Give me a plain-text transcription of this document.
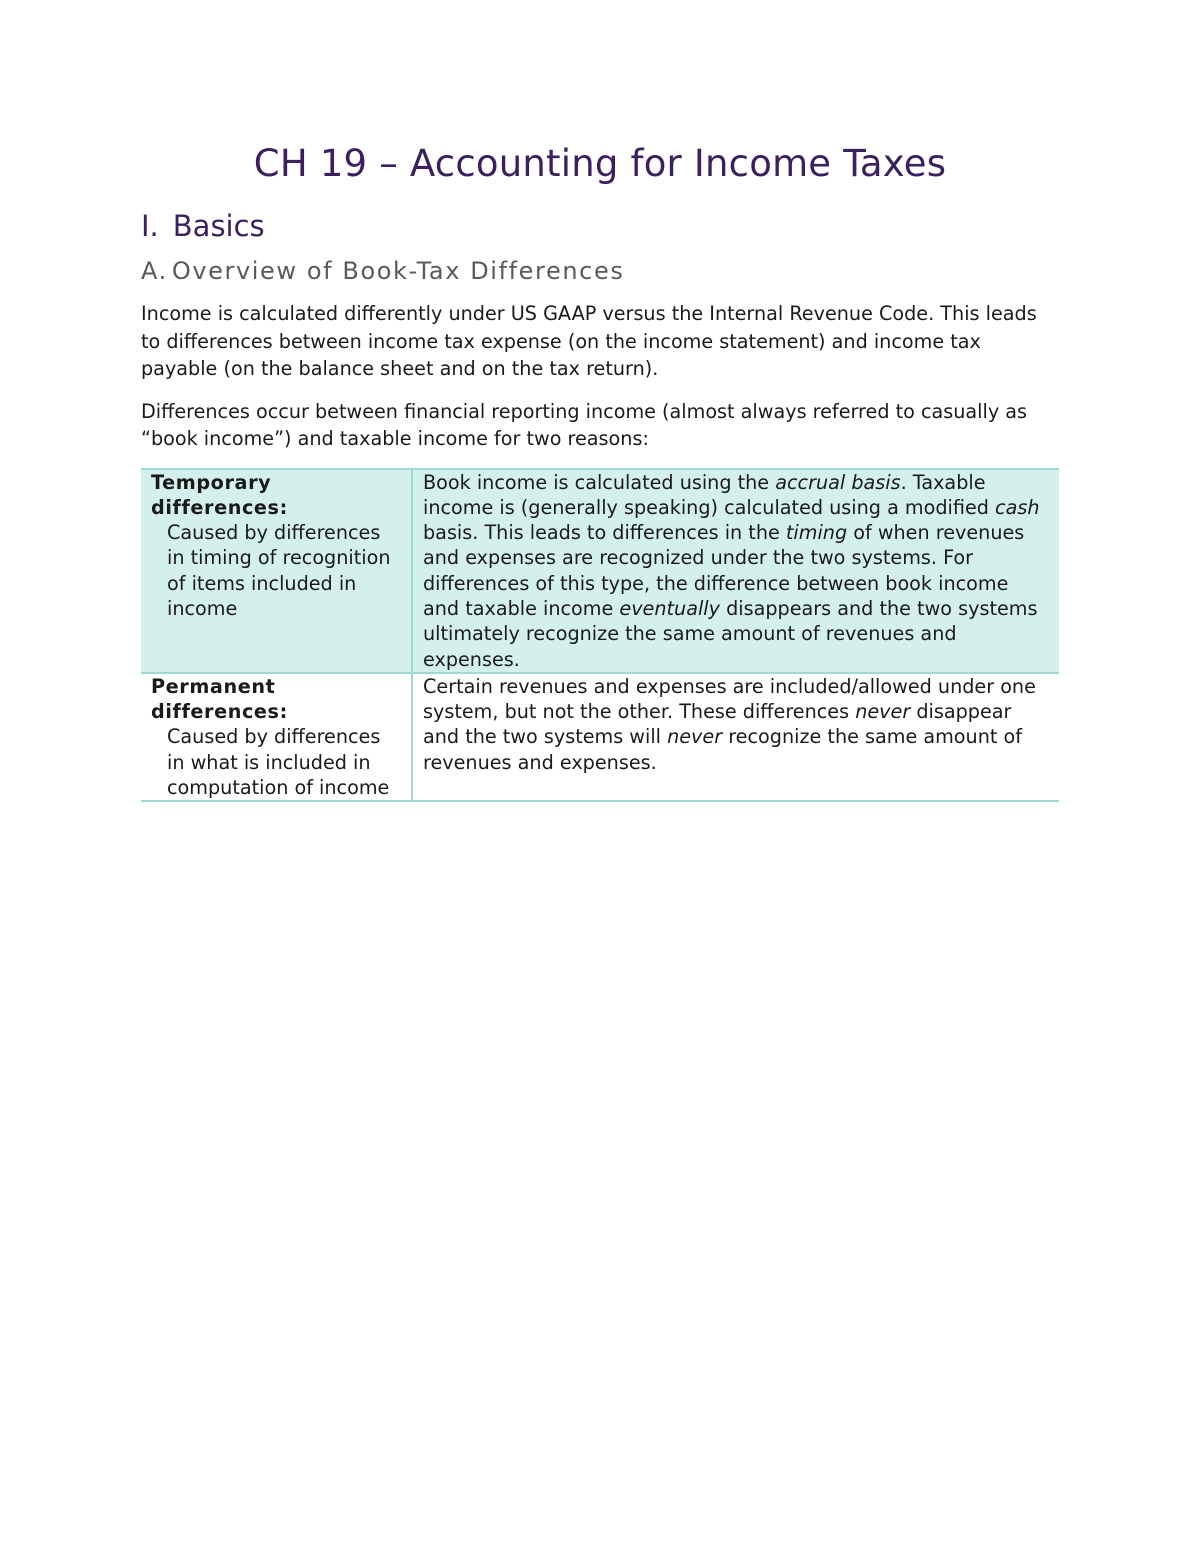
CH 19 – Accounting for Income Taxes
I. Basics
A. Overview of Book-Tax Differences

Income is calculated differently under US GAAP versus the Internal Revenue Code. This leads to differences between income tax expense (on the income statement) and income tax payable (on the balance sheet and on the tax return).

Differences occur between financial reporting income (almost always referred to casually as “book income”) and taxable income for two reasons:

Temporary differences:
Caused by differences in timing of recognition of items included in income	Book income is calculated using the accrual basis. Taxable income is (generally speaking) calculated using a modified cash basis. This leads to differences in the timing of when revenues and expenses are recognized under the two systems. For differences of this type, the difference between book income and taxable income eventually disappears and the two systems ultimately recognize the same amount of revenues and expenses.
Permanent differences:
Caused by differences in what is included in computation of income	Certain revenues and expenses are included/allowed under one system, but not the other. These differences never disappear and the two systems will never recognize the same amount of revenues and expenses.
